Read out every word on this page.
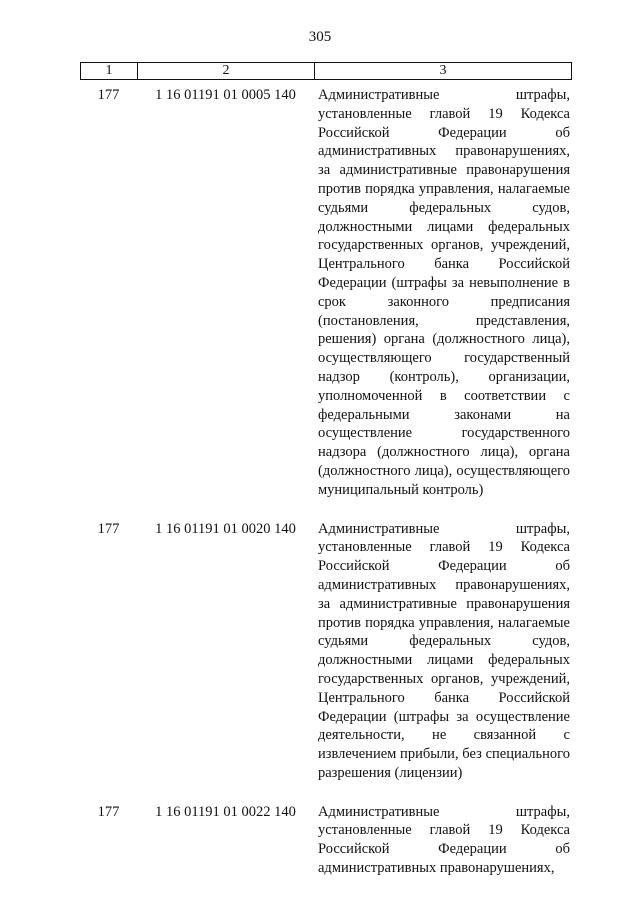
305
1	2	3
177	1 16 01191 01 0005 140	Административные штрафы, установленные главой 19 Кодекса Российской Федерации об административных правонарушениях, за административные правонарушения против порядка управления, налагаемые судьями федеральных судов, должностными лицами федеральных государственных органов, учреждений, Центрального банка Российской Федерации (штрафы за невыполнение в срок законного предписания (постановления, представления, решения) органа (должностного лица), осуществляющего государственный надзор (контроль), организации, уполномоченной в соответствии с федеральными законами на осуществление государственного надзора (должностного лица), органа (должностного лица), осуществляющего муниципальный контроль)
177	1 16 01191 01 0020 140	Административные штрафы, установленные главой 19 Кодекса Российской Федерации об административных правонарушениях, за административные правонарушения против порядка управления, налагаемые судьями федеральных судов, должностными лицами федеральных государственных органов, учреждений, Центрального банка Российской Федерации (штрафы за осуществление деятельности, не связанной с извлечением прибыли, без специального разрешения (лицензии)
177	1 16 01191 01 0022 140	Административные штрафы, установленные главой 19 Кодекса Российской Федерации об административных правонарушениях,
